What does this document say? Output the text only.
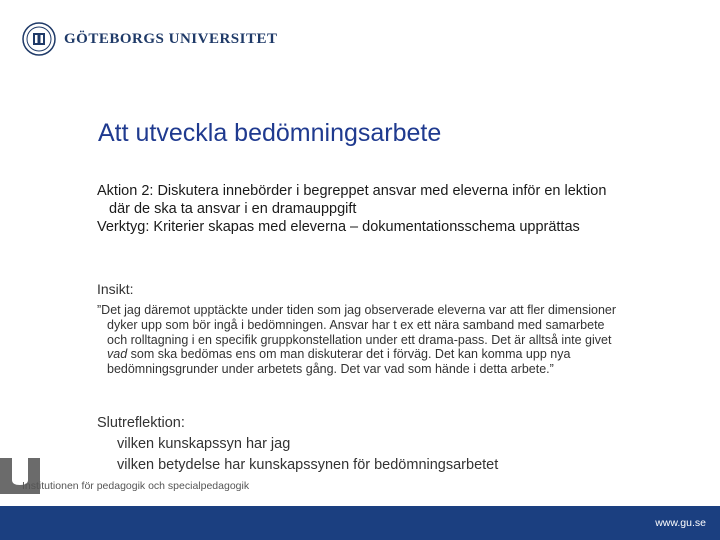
GÖTEBORGS UNIVERSITET
Att utveckla bedömningsarbete

Aktion 2: Diskutera innebörder i begreppet ansvar med eleverna inför en lektion där de ska ta ansvar i en dramauppgift

Verktyg: Kriterier skapas med eleverna – dokumentationsschema upprättas

Insikt:

”Det jag däremot upptäckte under tiden som jag observerade eleverna var att fler dimensioner dyker upp som bör ingå i bedömningen. Ansvar har t ex ett nära samband med samarbete och rolltagning i en specifik gruppkonstellation under ett drama-pass. Det är alltså inte givet vad som ska bedömas ens om man diskuterar det i förväg. Det kan komma upp nya bedömningsgrunder under arbetets gång. Det var vad som hände i detta arbete.”

Slutreflektion:
vilken kunskapssyn har jag
vilken betydelse har kunskapssynen för bedömningsarbetet
Institutionen för pedagogik och specialpedagogik
www.gu.se
